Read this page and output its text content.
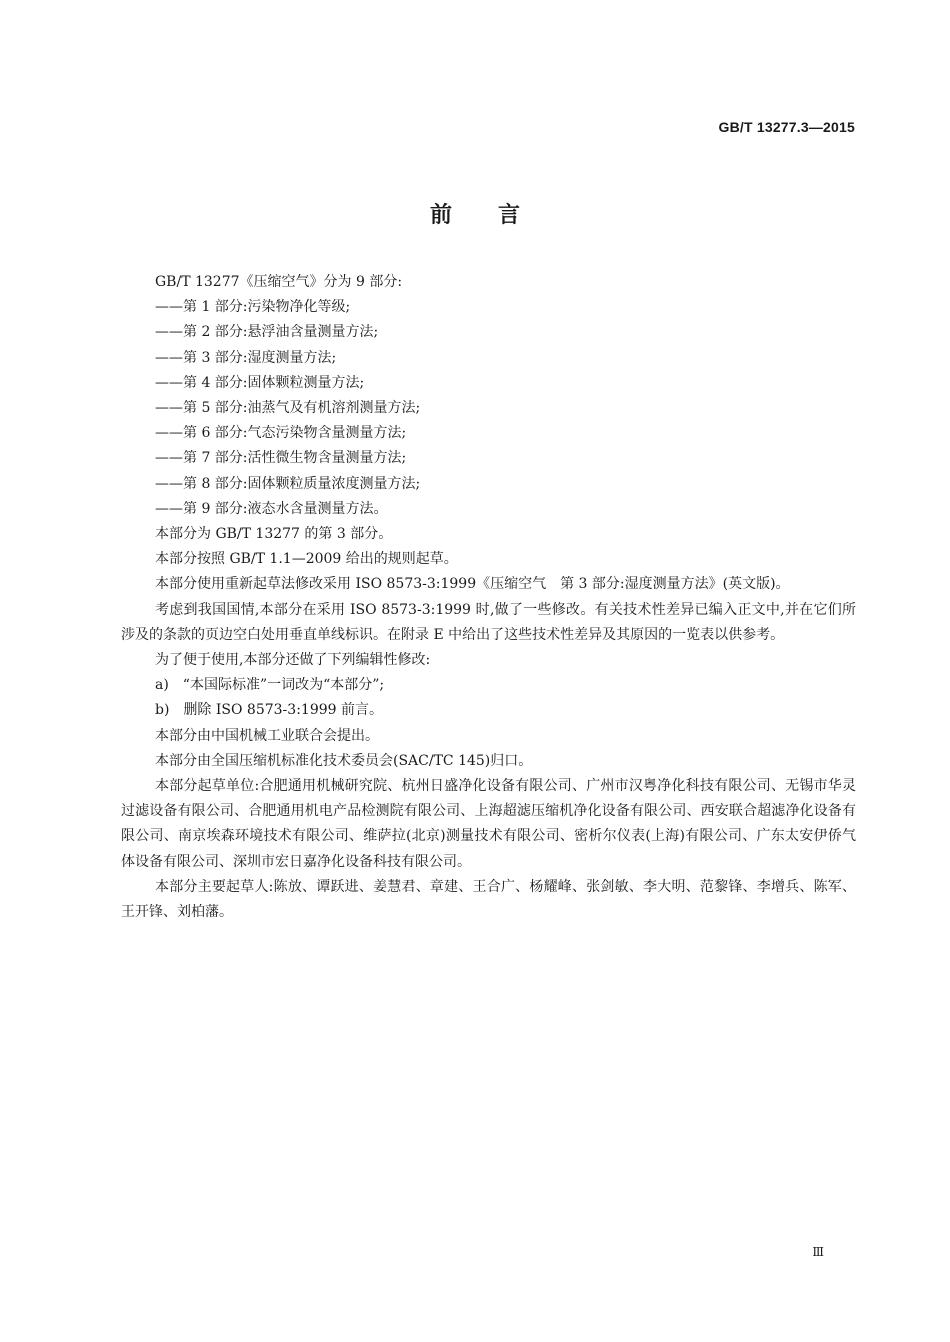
GB/T 13277.3—2015
前言

GB/T 13277《压缩空气》分为 9 部分:

——第 1 部分:污染物净化等级;

——第 2 部分:悬浮油含量测量方法;

——第 3 部分:湿度测量方法;

——第 4 部分:固体颗粒测量方法;

——第 5 部分:油蒸气及有机溶剂测量方法;

——第 6 部分:气态污染物含量测量方法;

——第 7 部分:活性微生物含量测量方法;

——第 8 部分:固体颗粒质量浓度测量方法;

——第 9 部分:液态水含量测量方法。

本部分为 GB/T 13277 的第 3 部分。

本部分按照 GB/T 1.1—2009 给出的规则起草。

本部分使用重新起草法修改采用 ISO 8573-3:1999《压缩空气　第 3 部分:湿度测量方法》(英文版)。

考虑到我国国情,本部分在采用 ISO 8573-3:1999 时,做了一些修改。有关技术性差异已编入正文中,并在它们所涉及的条款的页边空白处用垂直单线标识。在附录 E 中给出了这些技术性差异及其原因的一览表以供参考。

为了便于使用,本部分还做了下列编辑性修改:

a)　“本国际标准”一词改为“本部分”;

b)　删除 ISO 8573-3:1999 前言。

本部分由中国机械工业联合会提出。

本部分由全国压缩机标准化技术委员会(SAC/TC 145)归口。

本部分起草单位:合肥通用机械研究院、杭州日盛净化设备有限公司、广州市汉粤净化科技有限公司、无锡市华灵过滤设备有限公司、合肥通用机电产品检测院有限公司、上海超滤压缩机净化设备有限公司、西安联合超滤净化设备有限公司、南京埃森环境技术有限公司、维萨拉(北京)测量技术有限公司、密析尔仪表(上海)有限公司、广东太安伊侨气体设备有限公司、深圳市宏日嘉净化设备科技有限公司。

本部分主要起草人:陈放、谭跃进、姜慧君、章建、王合广、杨耀峰、张剑敏、李大明、范黎锋、李增兵、陈军、王开锋、刘柏藩。

Ⅲ
